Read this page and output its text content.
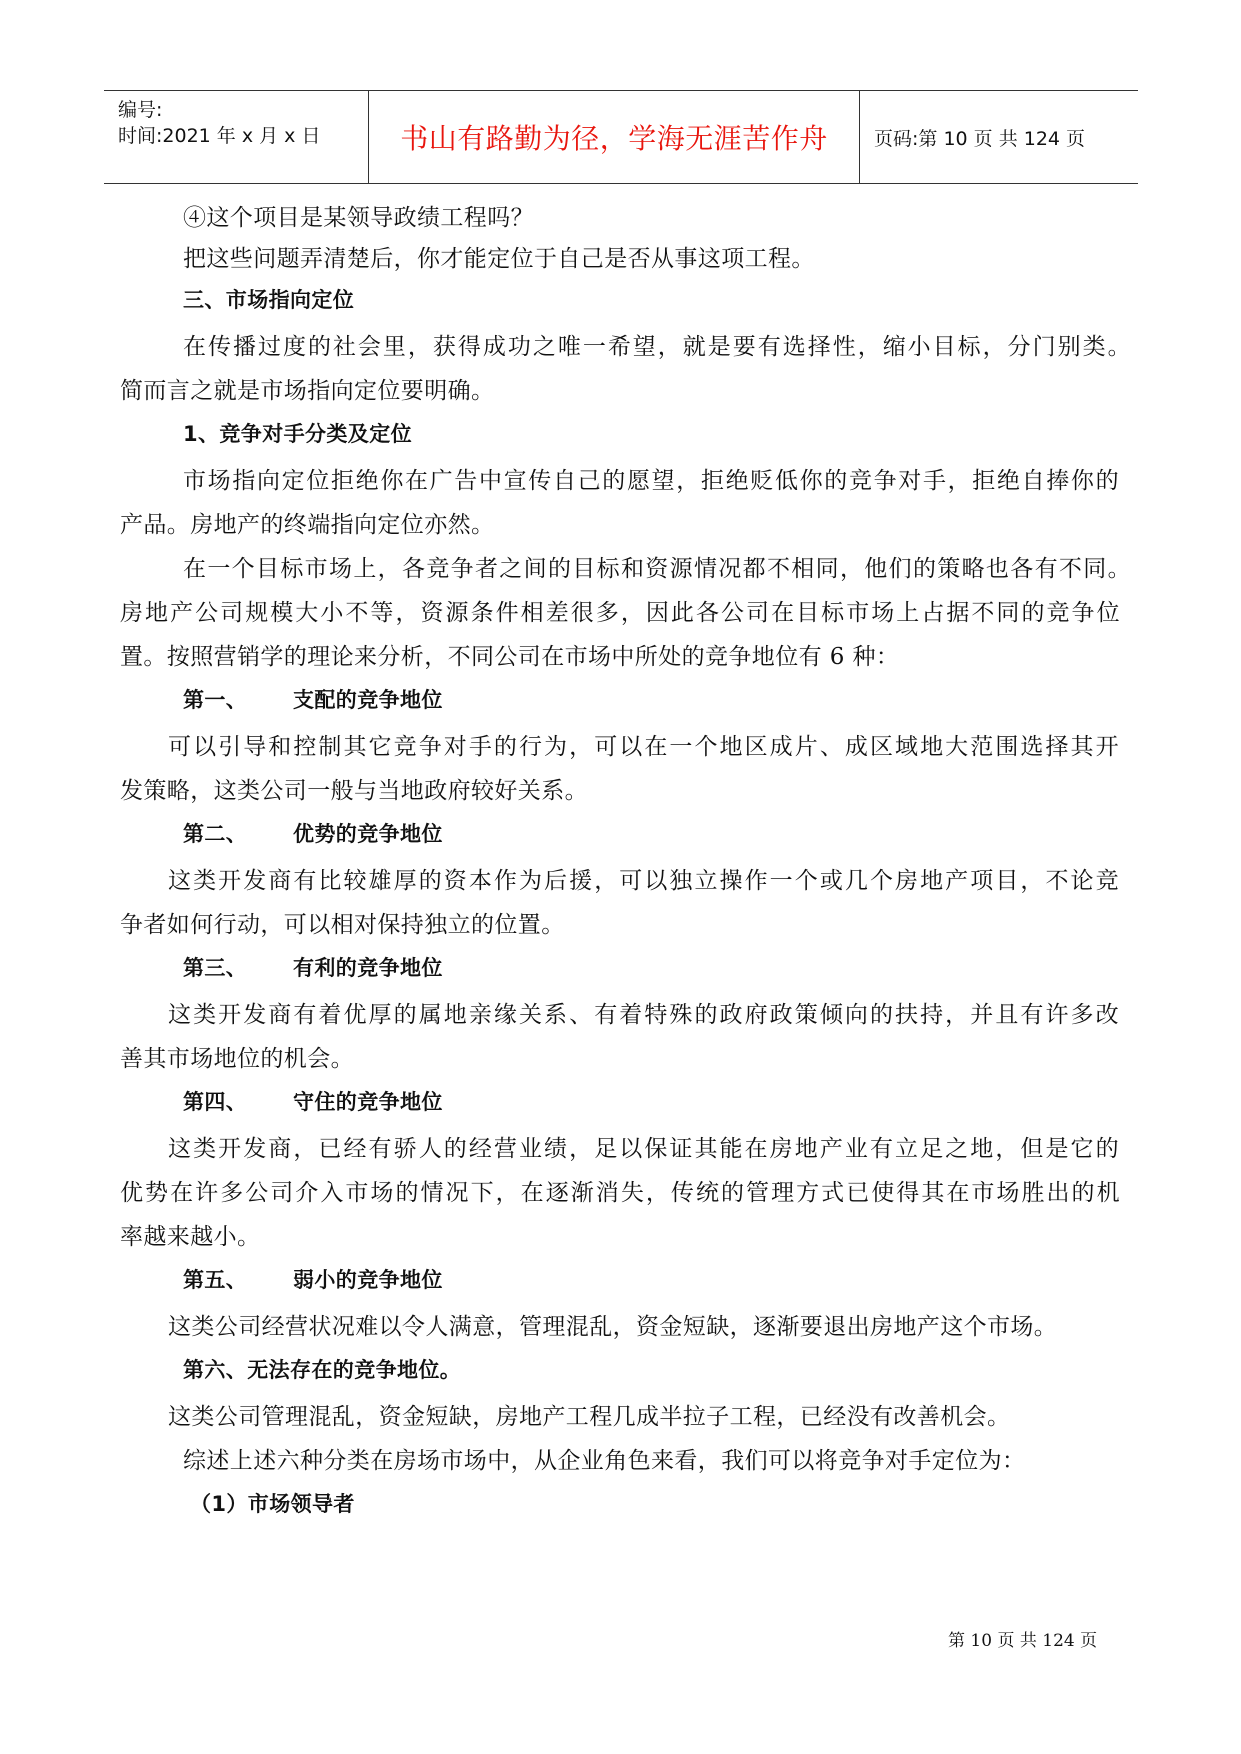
编号:
时间:2021 年 x 月 x 日	书山有路勤为径，学海无涯苦作舟	页码:第 10 页 共 124 页
④这个项目是某领导政绩工程吗？
把这些问题弄清楚后，你才能定位于自己是否从事这项工程。
三、市场指向定位
在传播过度的社会里，获得成功之唯一希望，就是要有选择性，缩小目标，分门别类。
简而言之就是市场指向定位要明确。
1、竞争对手分类及定位
市场指向定位拒绝你在广告中宣传自己的愿望，拒绝贬低你的竞争对手，拒绝自捧你的
产品。房地产的终端指向定位亦然。
在一个目标市场上，各竞争者之间的目标和资源情况都不相同，他们的策略也各有不同。
房地产公司规模大小不等，资源条件相差很多，因此各公司在目标市场上占据不同的竞争位
置。按照营销学的理论来分析，不同公司在市场中所处的竞争地位有 6 种：
第一、 支配的竞争地位
可以引导和控制其它竞争对手的行为，可以在一个地区成片、成区域地大范围选择其开
发策略，这类公司一般与当地政府较好关系。
第二、 优势的竞争地位
这类开发商有比较雄厚的资本作为后援，可以独立操作一个或几个房地产项目，不论竞
争者如何行动，可以相对保持独立的位置。
第三、 有利的竞争地位
这类开发商有着优厚的属地亲缘关系、有着特殊的政府政策倾向的扶持，并且有许多改
善其市场地位的机会。
第四、 守住的竞争地位
这类开发商，已经有骄人的经营业绩，足以保证其能在房地产业有立足之地，但是它的
优势在许多公司介入市场的情况下，在逐渐消失，传统的管理方式已使得其在市场胜出的机
率越来越小。
第五、 弱小的竞争地位
这类公司经营状况难以令人满意，管理混乱，资金短缺，逐渐要退出房地产这个市场。
第六、无法存在的竞争地位。
这类公司管理混乱，资金短缺，房地产工程几成半拉子工程，已经没有改善机会。
综述上述六种分类在房场市场中，从企业角色来看，我们可以将竞争对手定位为：
（1）市场领导者
第 10 页 共 124 页
